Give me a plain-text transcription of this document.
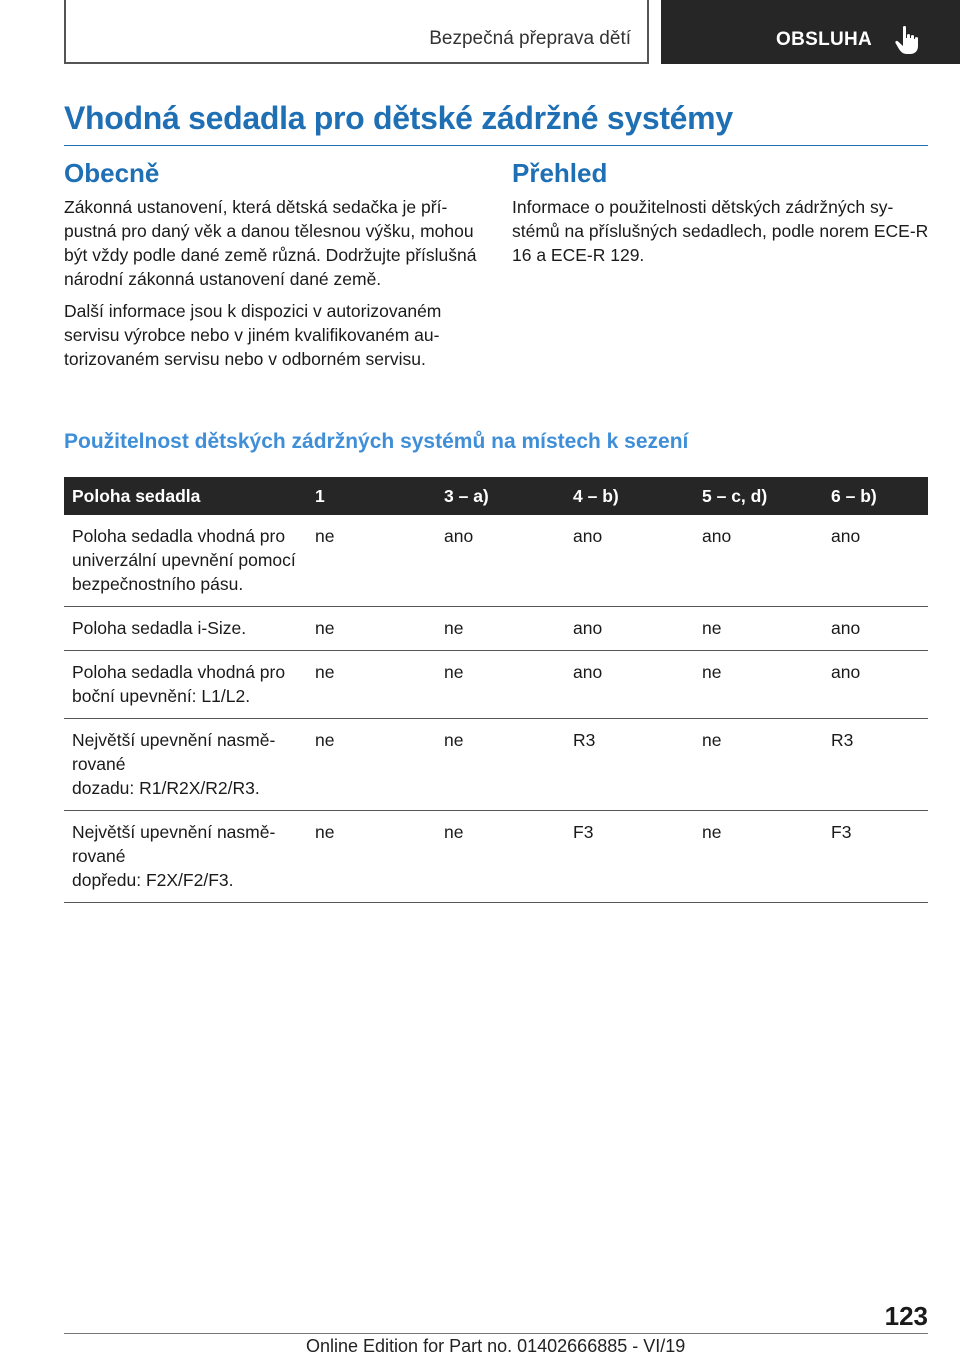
Bezpečná přeprava dětí	OBSLUHA
Vhodná sedadla pro dětské zádržné systémy
Obecně

Zákonná ustanovení, která dětská sedačka je přípustná pro daný věk a danou tělesnou výšku, mohou být vždy podle dané země různá. Dodržujte příslušná národní zákonná ustanovení dané země.

Další informace jsou k dispozici v autorizovaném servisu výrobce nebo v jiném kvalifikovaném autorizovaném servisu nebo v odborném servisu.

Přehled

Informace o použitelnosti dětských zádržných systémů na příslušných sedadlech, podle norem ECE-R 16 a ECE-R 129.

Použitelnost dětských zádržných systémů na místech k sezení
Poloha sedadla	1	3 – a)	4 – b)	5 – c, d)	6 – b)
Poloha sedadla vhodná pro univerzální upevnění pomocí bezpečnostního pásu.	ne	ano	ano	ano	ano
Poloha sedadla i-Size.	ne	ne	ano	ne	ano
Poloha sedadla vhodná pro boční upevnění: L1/L2.	ne	ne	ano	ne	ano
Největší upevnění nasměrované
dozadu: R1/R2X/R2/R3.	ne	ne	R3	ne	R3
Největší upevnění nasměrované
dopředu: F2X/F2/F3.	ne	ne	F3	ne	F3
123
Online Edition for Part no. 01402666885 - VI/19
